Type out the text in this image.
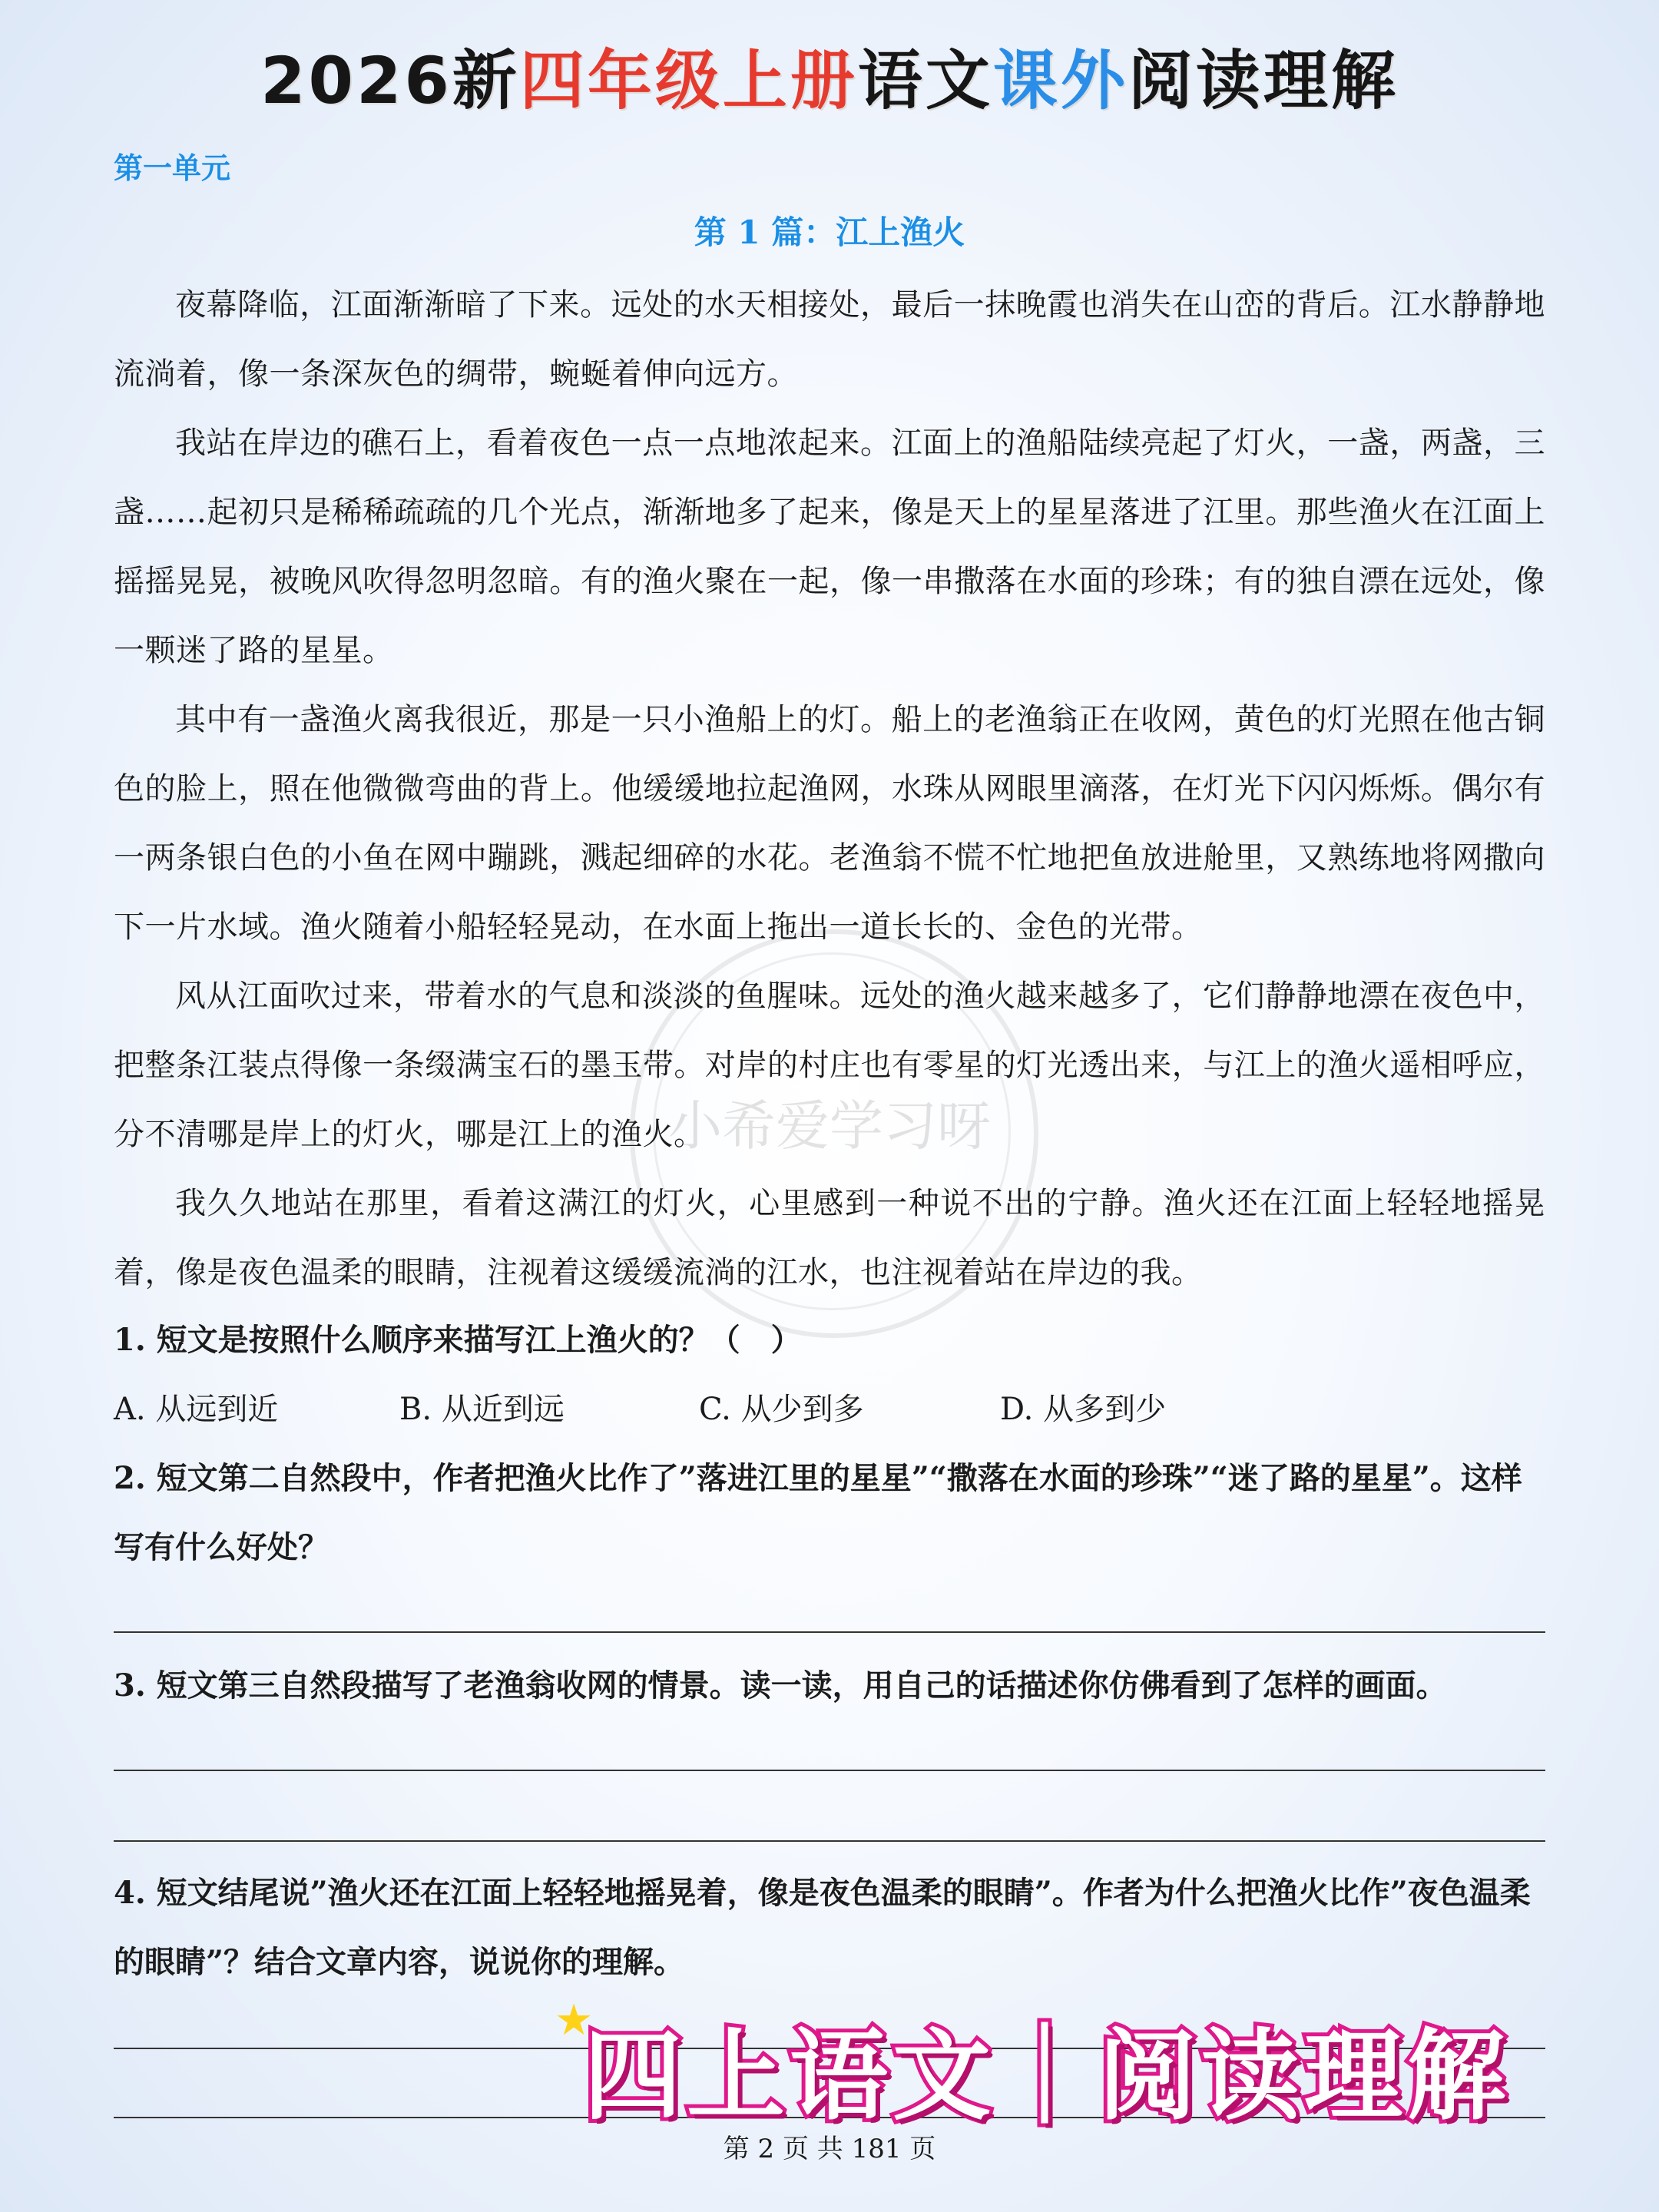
2026新四年级上册语文课外阅读理解
第一单元
第 1 篇：江上渔火
小希爱学习呀
夜幕降临，江面渐渐暗了下来。远处的水天相接处，最后一抹晚霞也消失在山峦的背后。江水静静地流淌着，像一条深灰色的绸带，蜿蜒着伸向远方。
我站在岸边的礁石上，看着夜色一点一点地浓起来。江面上的渔船陆续亮起了灯火，一盏，两盏，三盏……起初只是稀稀疏疏的几个光点，渐渐地多了起来，像是天上的星星落进了江里。那些渔火在江面上摇摇晃晃，被晚风吹得忽明忽暗。有的渔火聚在一起，像一串撒落在水面的珍珠；有的独自漂在远处，像一颗迷了路的星星。
其中有一盏渔火离我很近，那是一只小渔船上的灯。船上的老渔翁正在收网，黄色的灯光照在他古铜色的脸上，照在他微微弯曲的背上。他缓缓地拉起渔网，水珠从网眼里滴落，在灯光下闪闪烁烁。偶尔有一两条银白色的小鱼在网中蹦跳，溅起细碎的水花。老渔翁不慌不忙地把鱼放进舱里，又熟练地将网撒向下一片水域。渔火随着小船轻轻晃动，在水面上拖出一道长长的、金色的光带。
风从江面吹过来，带着水的气息和淡淡的鱼腥味。远处的渔火越来越多了，它们静静地漂在夜色中，把整条江装点得像一条缀满宝石的墨玉带。对岸的村庄也有零星的灯光透出来，与江上的渔火遥相呼应，分不清哪是岸上的灯火，哪是江上的渔火。
我久久地站在那里，看着这满江的灯火，心里感到一种说不出的宁静。渔火还在江面上轻轻地摇晃着，像是夜色温柔的眼睛，注视着这缓缓流淌的江水，也注视着站在岸边的我。
1. 短文是按照什么顺序来描写江上渔火的？（　）
A. 从远到近	B. 从近到远	C. 从少到多	D. 从多到少
2. 短文第二自然段中，作者把渔火比作了”落进江里的星星”“撒落在水面的珍珠”“迷了路的星星”。这样写有什么好处？
3. 短文第三自然段描写了老渔翁收网的情景。读一读，用自己的话描述你仿佛看到了怎样的画面。
4. 短文结尾说”渔火还在江面上轻轻地摇晃着，像是夜色温柔的眼睛”。作者为什么把渔火比作”夜色温柔的眼睛”？结合文章内容，说说你的理解。
★
四上语文｜阅读理解
第 2 页 共 181 页
